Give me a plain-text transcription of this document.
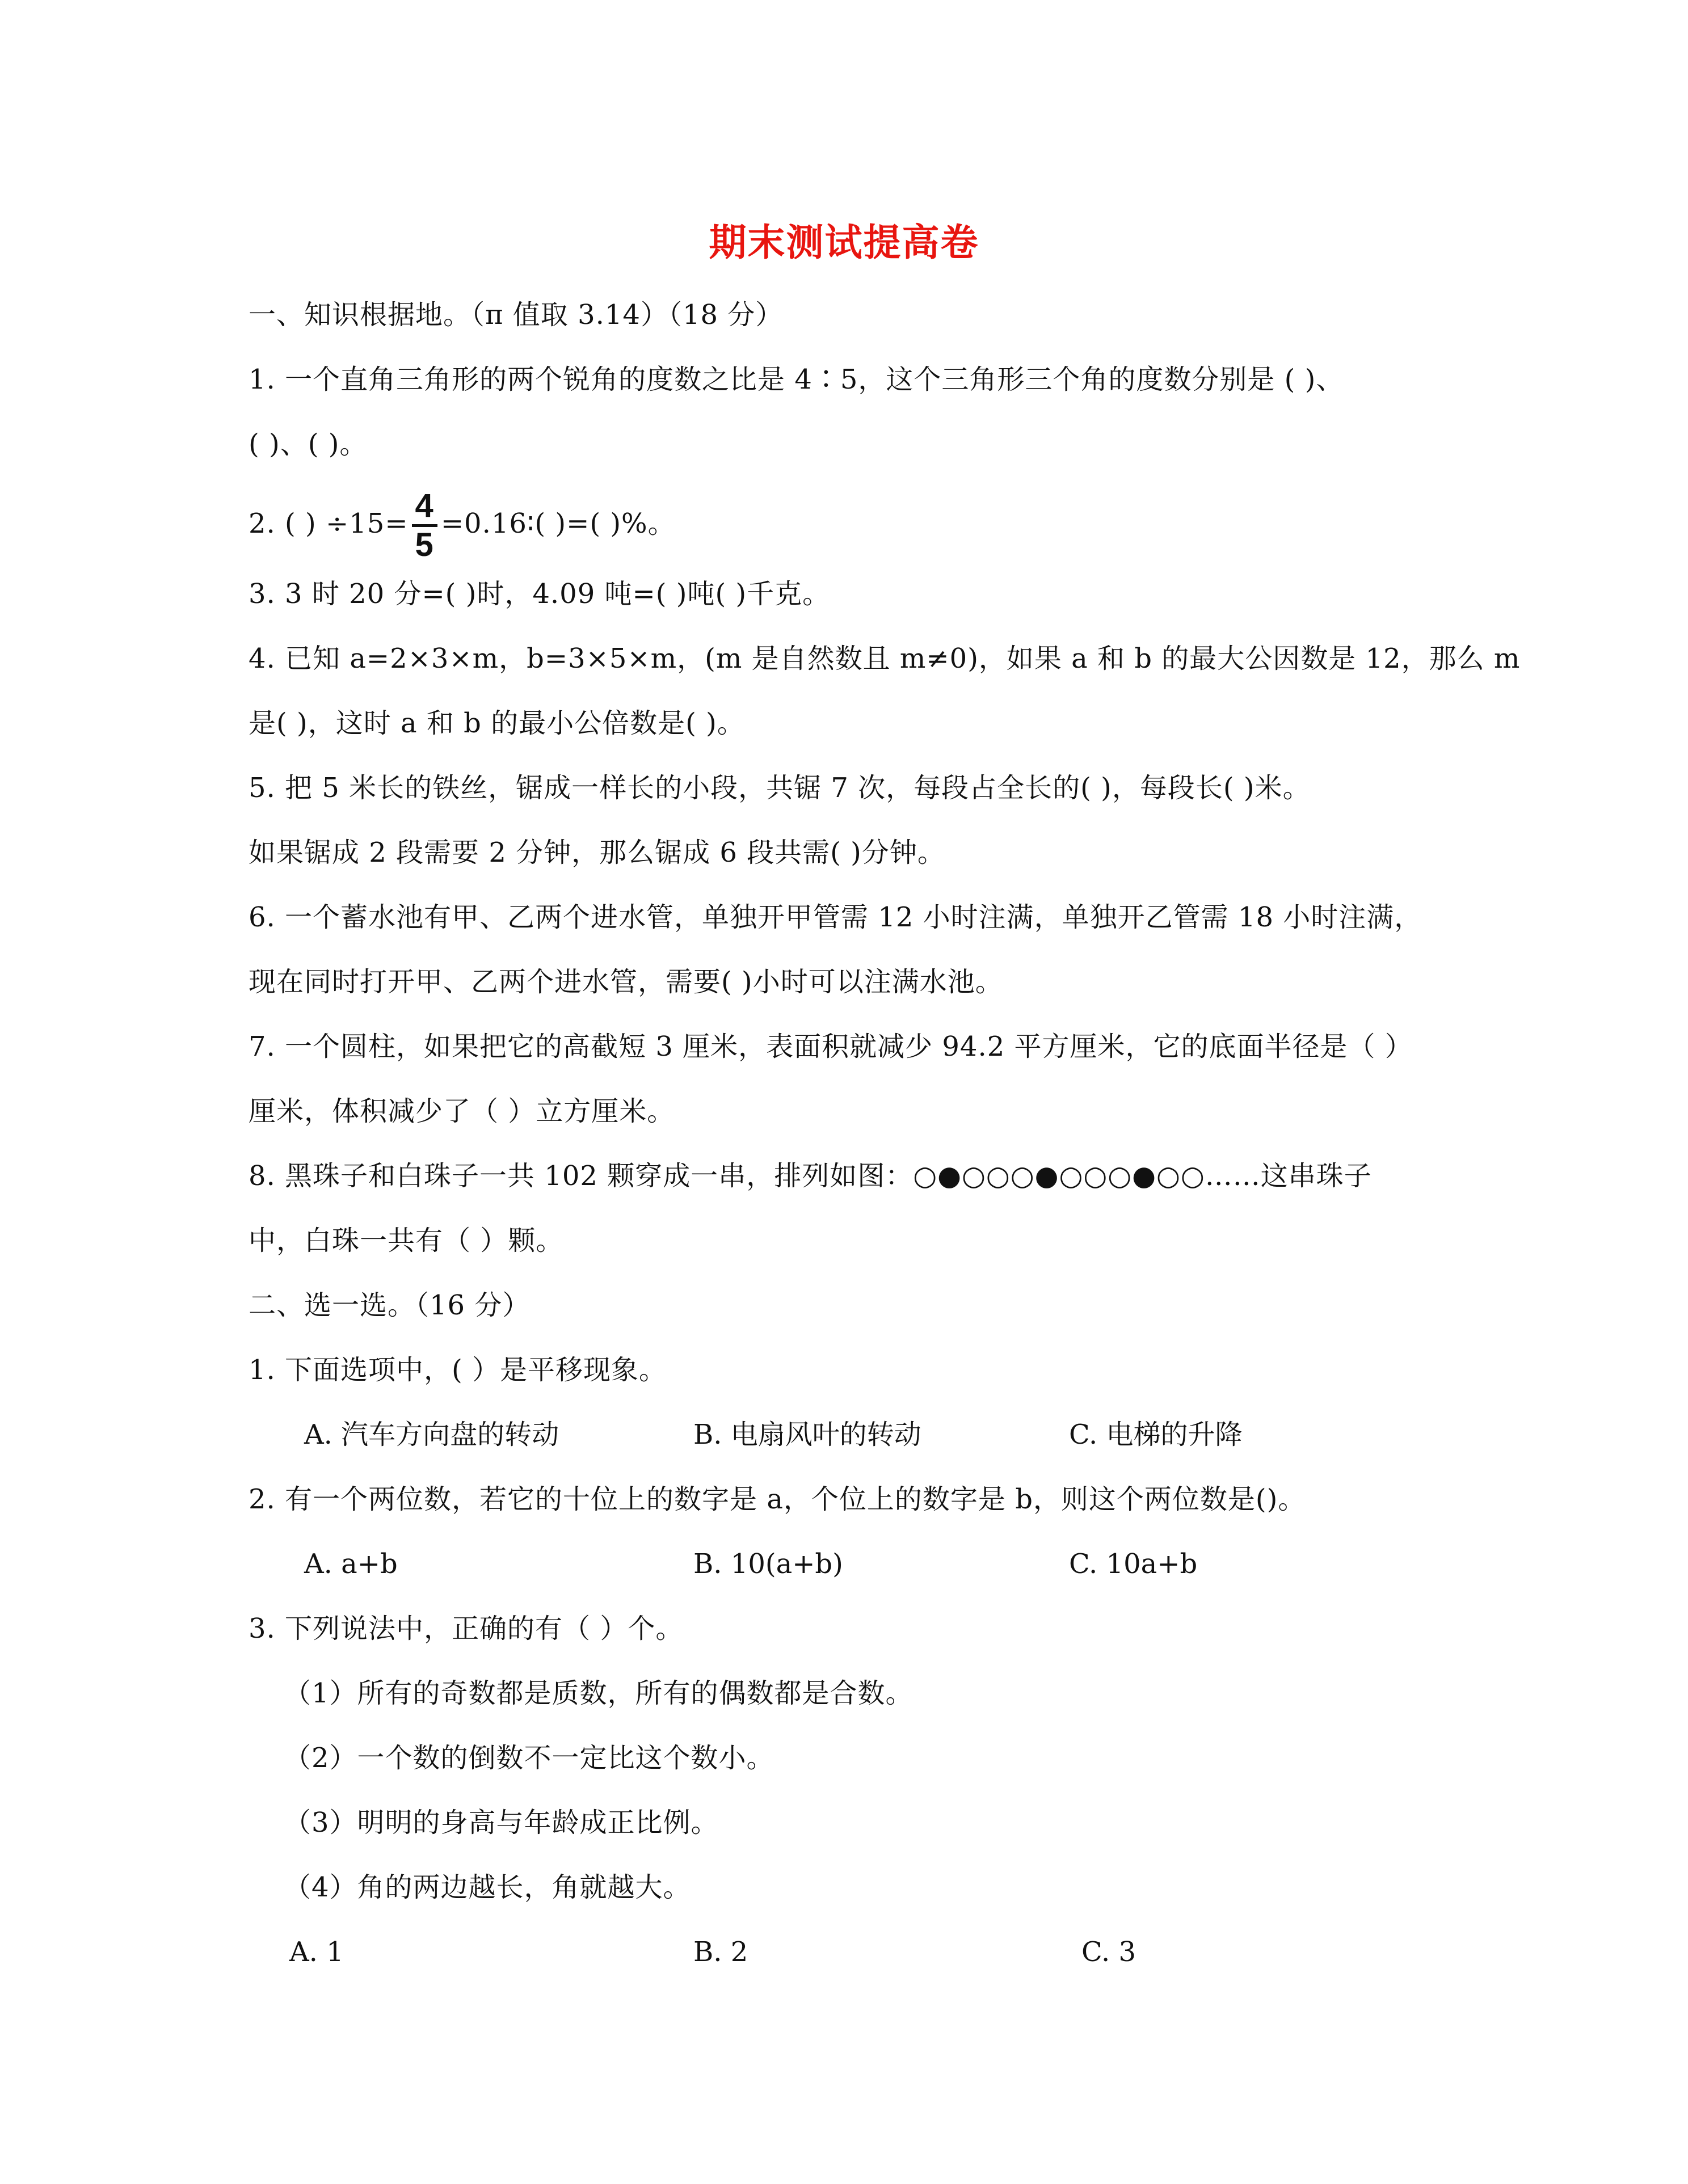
期末测试提高卷
一、知识根据地。（π 值取 3.14）（18 分）
1. 一个直角三角形的两个锐角的度数之比是 4∶5，这个三角形三个角的度数分别是 ( )、
( )、( )。
2. ( ) $\div 15= \frac{4}{5}$ =0.16∶( )=( )%。
3. 3 时 20 分=( )时，4.09 吨=( )吨( )千克。
4. 已知 a=2×3×m，b=3×5×m，(m 是自然数且 m≠0)，如果 a 和 b 的最大公因数是 12，那么 m
是( )，这时 a 和 b 的最小公倍数是( )。
5. 把 5 米长的铁丝，锯成一样长的小段，共锯 7 次，每段占全长的( )，每段长( )米。
如果锯成 2 段需要 2 分钟，那么锯成 6 段共需( )分钟。
6. 一个蓄水池有甲、乙两个进水管，单独开甲管需 12 小时注满，单独开乙管需 18 小时注满，
现在同时打开甲、乙两个进水管，需要( )小时可以注满水池。
7. 一个圆柱，如果把它的高截短 3 厘米，表面积就减少 94.2 平方厘米，它的底面半径是（ ）
厘米，体积减少了（ ）立方厘米。
8. 黑珠子和白珠子一共 102 颗穿成一串，排列如图：○●○○○●○○○●○○……这串珠子
中，白珠一共有（ ）颗。
二、选一选。（16 分）
1. 下面选项中，( ）是平移现象。
A. 汽车方向盘的转动	B. 电扇风叶的转动	C. 电梯的升降
2. 有一个两位数，若它的十位上的数字是 a，个位上的数字是 b，则这个两位数是()。
A. a+b	B. 10(a+b)	C. 10a+b
3. 下列说法中，正确的有（ ）个。
（1）所有的奇数都是质数，所有的偶数都是合数。
（2）一个数的倒数不一定比这个数小。
（3）明明的身高与年龄成正比例。
（4）角的两边越长，角就越大。
A. 1	B. 2	C. 3
